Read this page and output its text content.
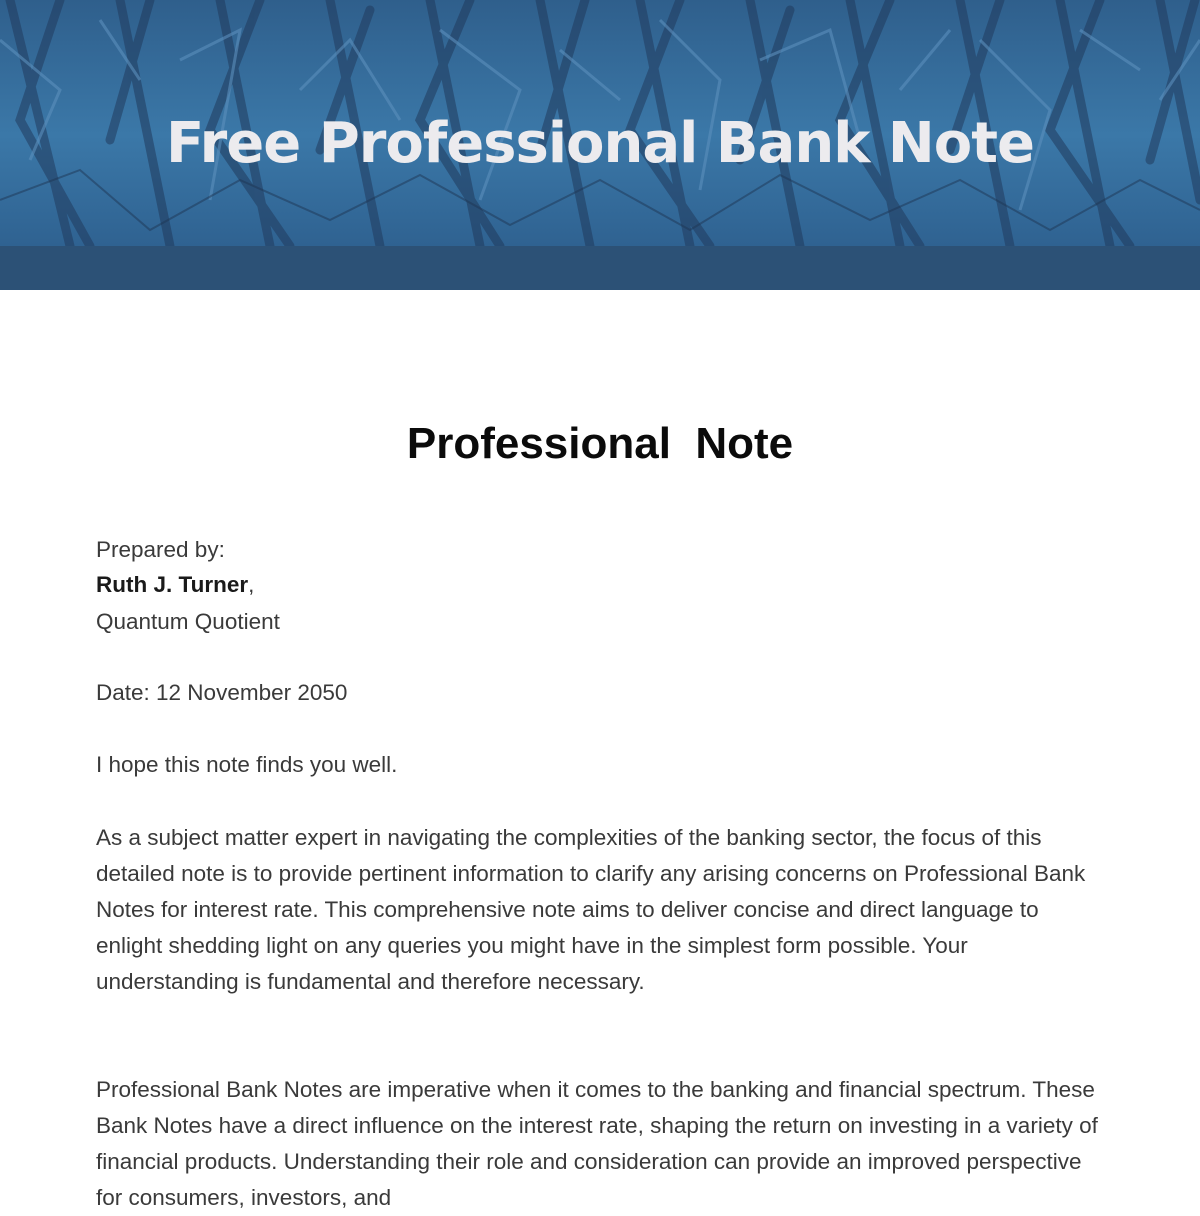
Free Professional Bank Note
Professional  Note

Prepared by:

Ruth J. Turner,

Quantum Quotient

Date: 12 November 2050

I hope this note finds you well.

As a subject matter expert in navigating the complexities of the banking sector, the focus of this detailed note is to provide pertinent information to clarify any arising concerns on Professional Bank Notes for interest rate. This comprehensive note aims to deliver concise and direct language to enlight shedding light on any queries you might have in the simplest form possible. Your understanding is fundamental and therefore necessary.

Professional Bank Notes are imperative when it comes to the banking and financial spectrum. These Bank Notes have a direct influence on the interest rate, shaping the return on investing in a variety of financial products. Understanding their role and consideration can provide an improved perspective for consumers, investors, and
